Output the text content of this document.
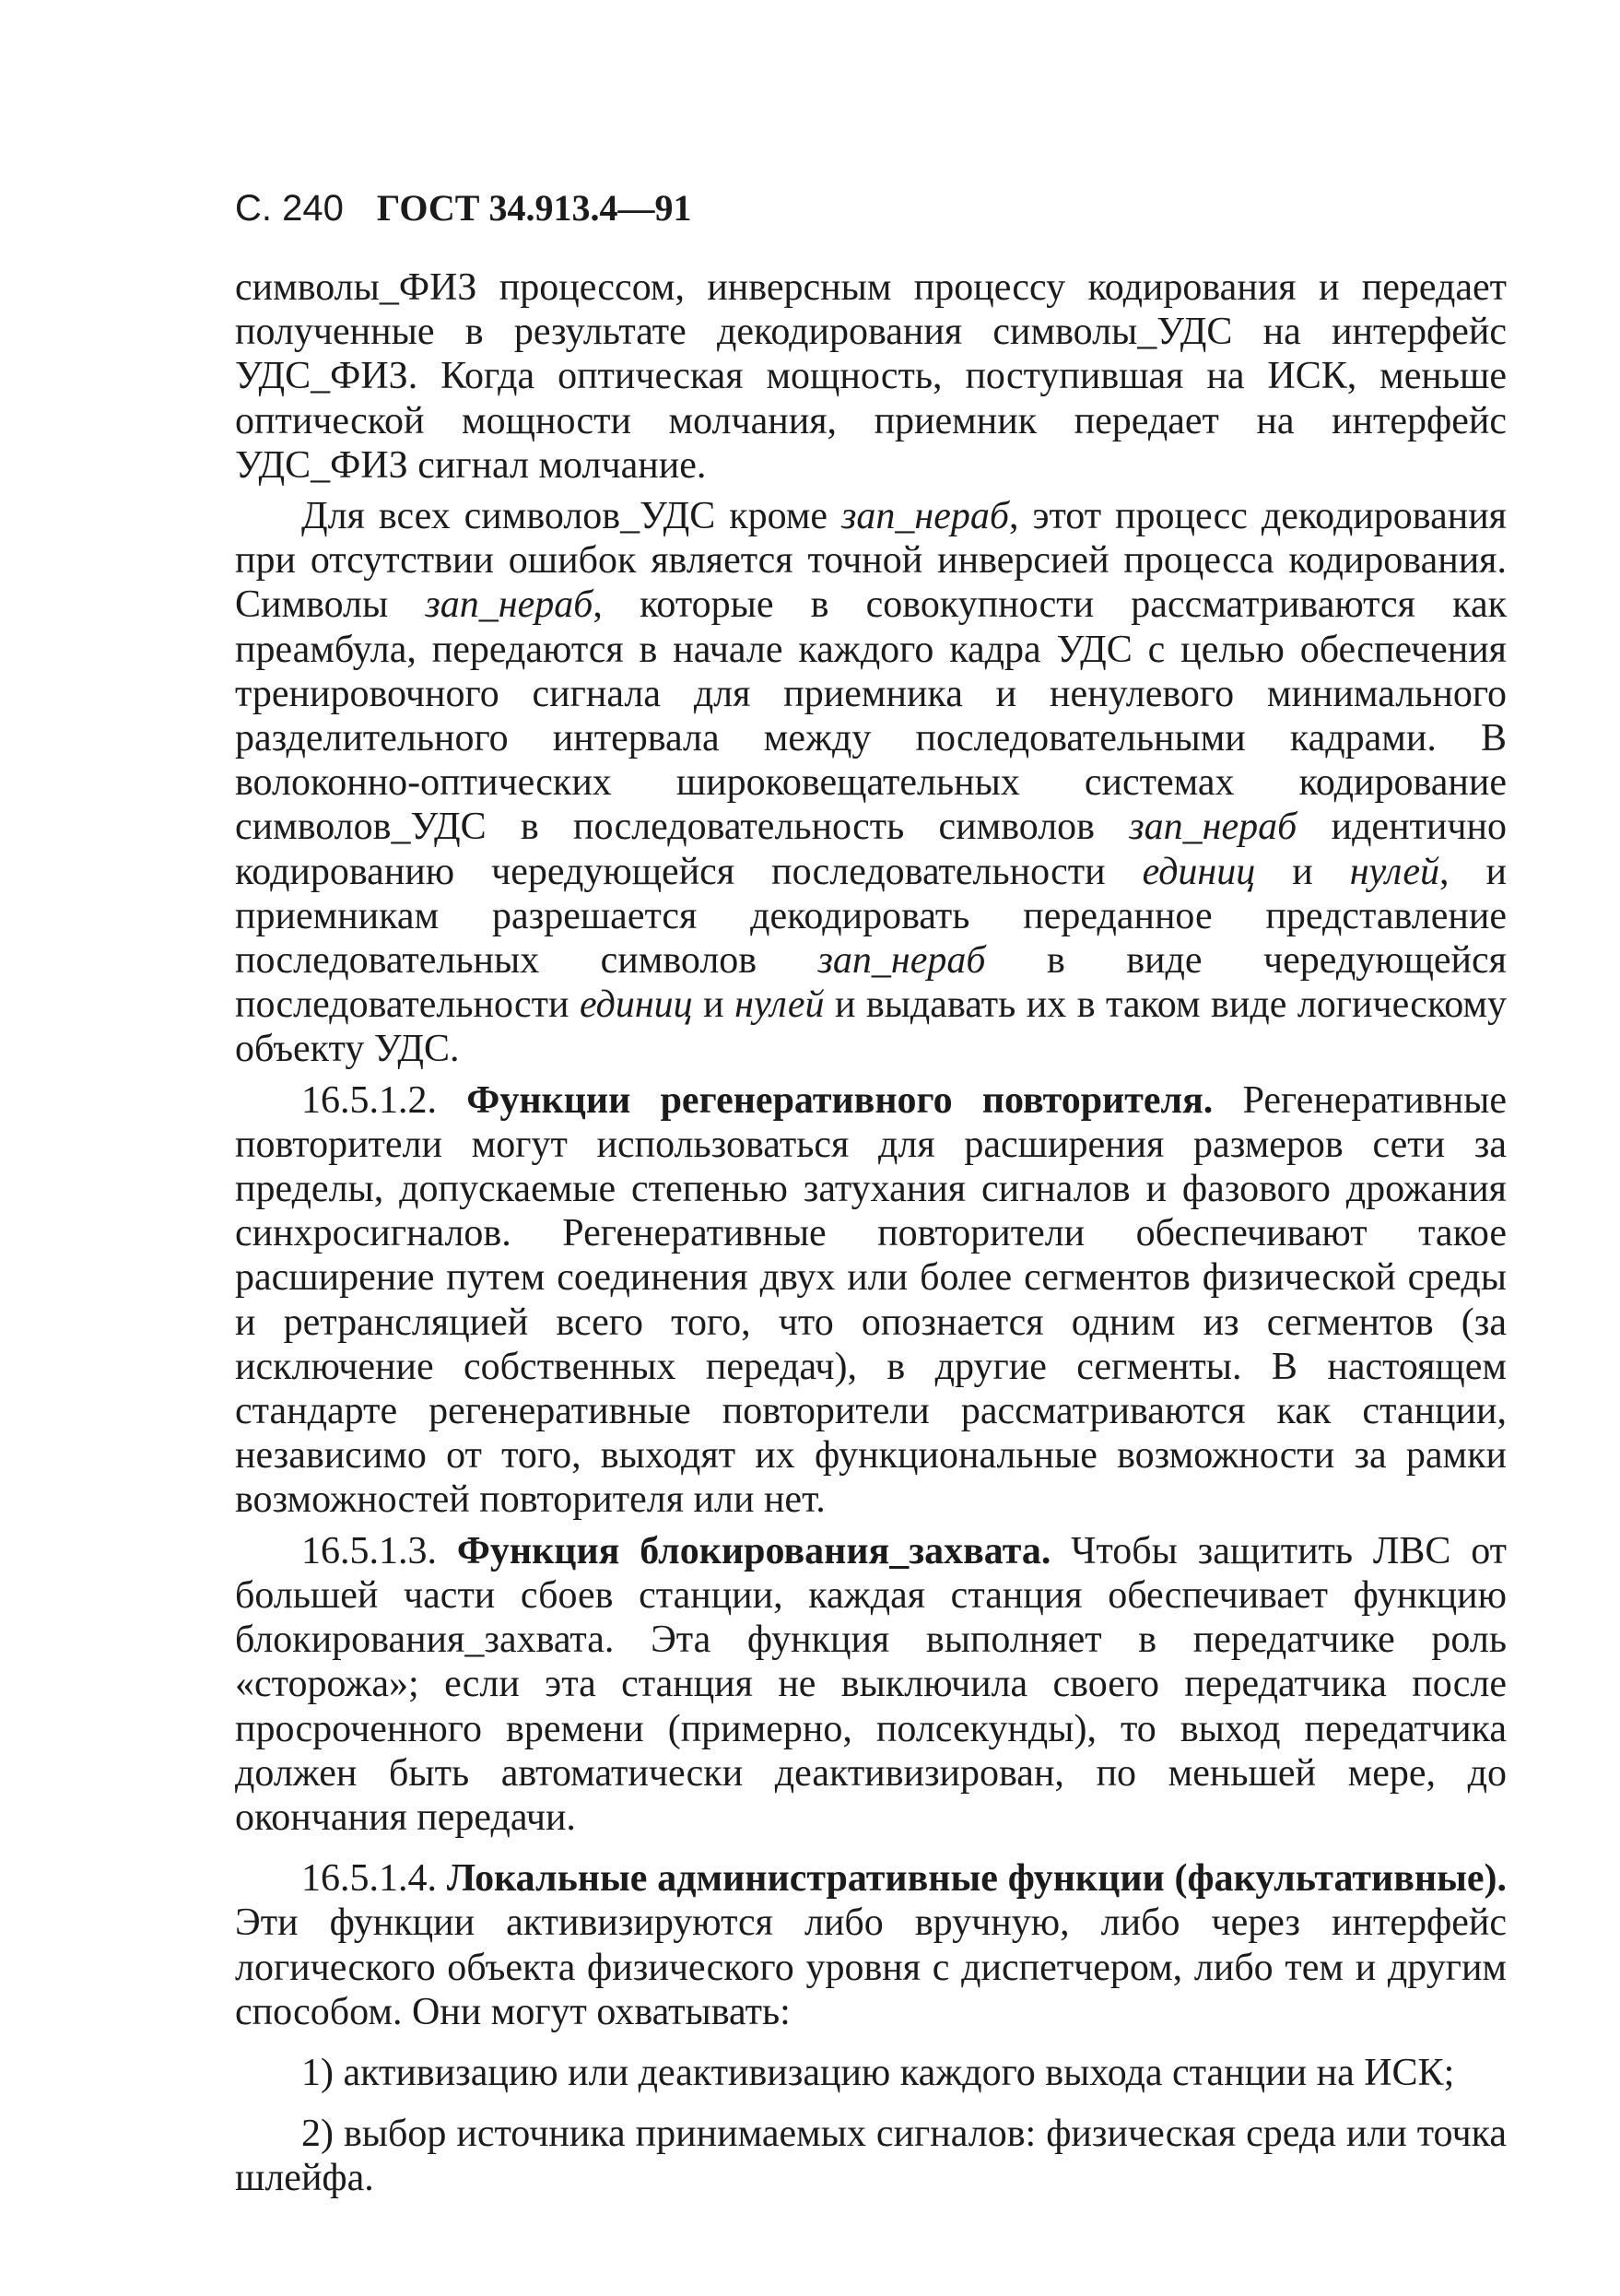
С. 240 ГОСТ 34.913.4—91

символы_ФИЗ процессом, инверсным процессу кодирования и передает полученные в результате декодирования символы_УДС на интерфейс УДС_ФИЗ. Когда оптическая мощность, поступившая на ИСК, меньше оптической мощности молчания, приемник передает на интерфейс УДС_ФИЗ сигнал молчание.

Для всех символов_УДС кроме зап_нераб, этот процесс декодирования при отсутствии ошибок является точной инверсией процесса кодирования. Символы зап_нераб, которые в совокупности рассматриваются как преамбула, передаются в начале каждого кадра УДС с целью обеспечения тренировочного сигнала для приемника и ненулевого минимального разделительного интервала между последовательными кадрами. В волоконно-оптических широковещательных системах кодирование символов_УДС в последовательность символов зап_нераб идентично кодированию чередующейся последовательности единиц и нулей, и приемникам разрешается декодировать переданное представление последовательных символов зап_нераб в виде чередующейся последовательности единиц и нулей и выдавать их в таком виде логическому объекту УДС.

16.5.1.2. Функции регенеративного повторителя. Регенеративные повторители могут использоваться для расширения размеров сети за пределы, допускаемые степенью затухания сигналов и фазового дрожания синхросигналов. Регенеративные повторители обеспечивают такое расширение путем соединения двух или более сегментов физической среды и ретрансляцией всего того, что опознается одним из сегментов (за исключение собственных передач), в другие сегменты. В настоящем стандарте регенеративные повторители рассматриваются как станции, независимо от того, выходят их функциональные возможности за рамки возможностей повторителя или нет.

16.5.1.3. Функция блокирования_захвата. Чтобы защитить ЛВС от большей части сбоев станции, каждая станция обеспечивает функцию блокирования_захвата. Эта функция выполняет в передатчике роль «сторожа»; если эта станция не выключила своего передатчика после просроченного времени (примерно, полсекунды), то выход передатчика должен быть автоматически деактивизирован, по меньшей мере, до окончания передачи.

16.5.1.4. Локальные административные функции (факультативные). Эти функции активизируются либо вручную, либо через интерфейс логического объекта физического уровня с диспетчером, либо тем и другим способом. Они могут охватывать:

1) активизацию или деактивизацию каждого выхода станции на ИСК;

2) выбор источника принимаемых сигналов: физическая среда или точка шлейфа.
